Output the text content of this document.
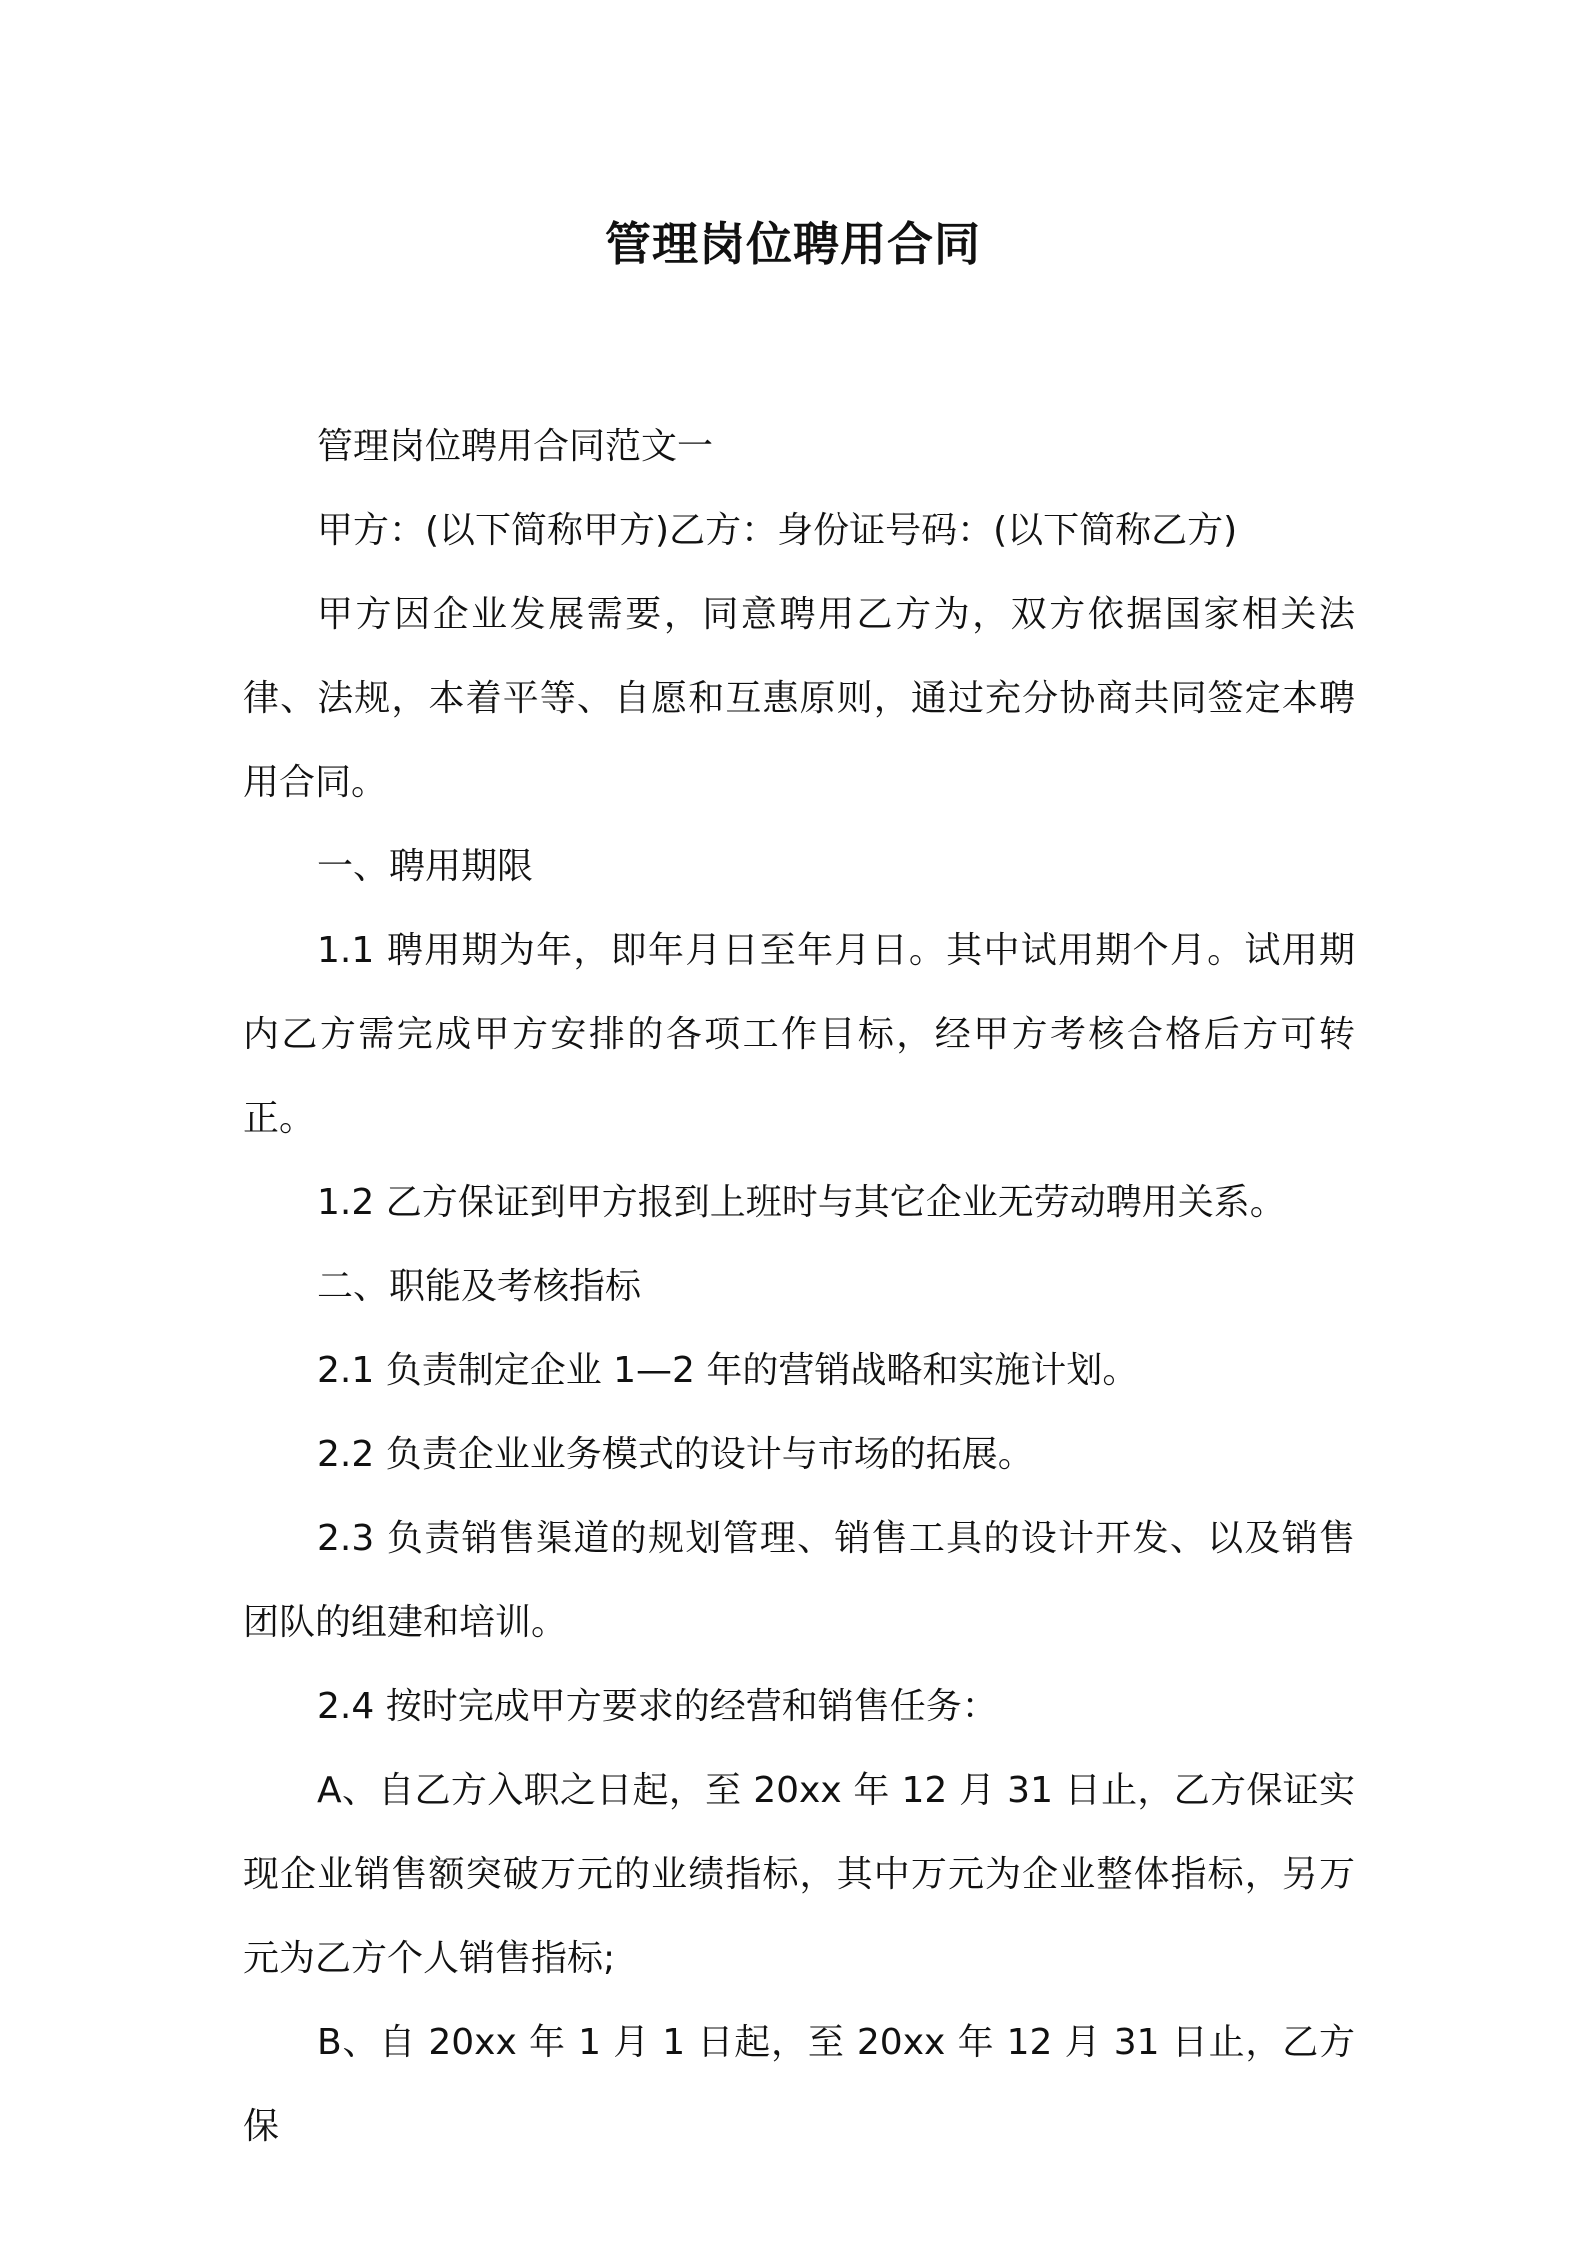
管理岗位聘用合同

管理岗位聘用合同范文一

甲方：(以下简称甲方)乙方：身份证号码：(以下简称乙方)

甲方因企业发展需要，同意聘用乙方为，双方依据国家相关法律、法规，本着平等、自愿和互惠原则，通过充分协商共同签定本聘用合同。

一、聘用期限

1.1 聘用期为年，即年月日至年月日。其中试用期个月。试用期内乙方需完成甲方安排的各项工作目标，经甲方考核合格后方可转正。

1.2 乙方保证到甲方报到上班时与其它企业无劳动聘用关系。

二、职能及考核指标

2.1 负责制定企业 1—2 年的营销战略和实施计划。

2.2 负责企业业务模式的设计与市场的拓展。

2.3 负责销售渠道的规划管理、销售工具的设计开发、以及销售团队的组建和培训。

2.4 按时完成甲方要求的经营和销售任务：

A、自乙方入职之日起，至 20xx 年 12 月 31 日止，乙方保证实现企业销售额突破万元的业绩指标，其中万元为企业整体指标，另万元为乙方个人销售指标;

B、自 20xx 年 1 月 1 日起，至 20xx 年 12 月 31 日止，乙方保
